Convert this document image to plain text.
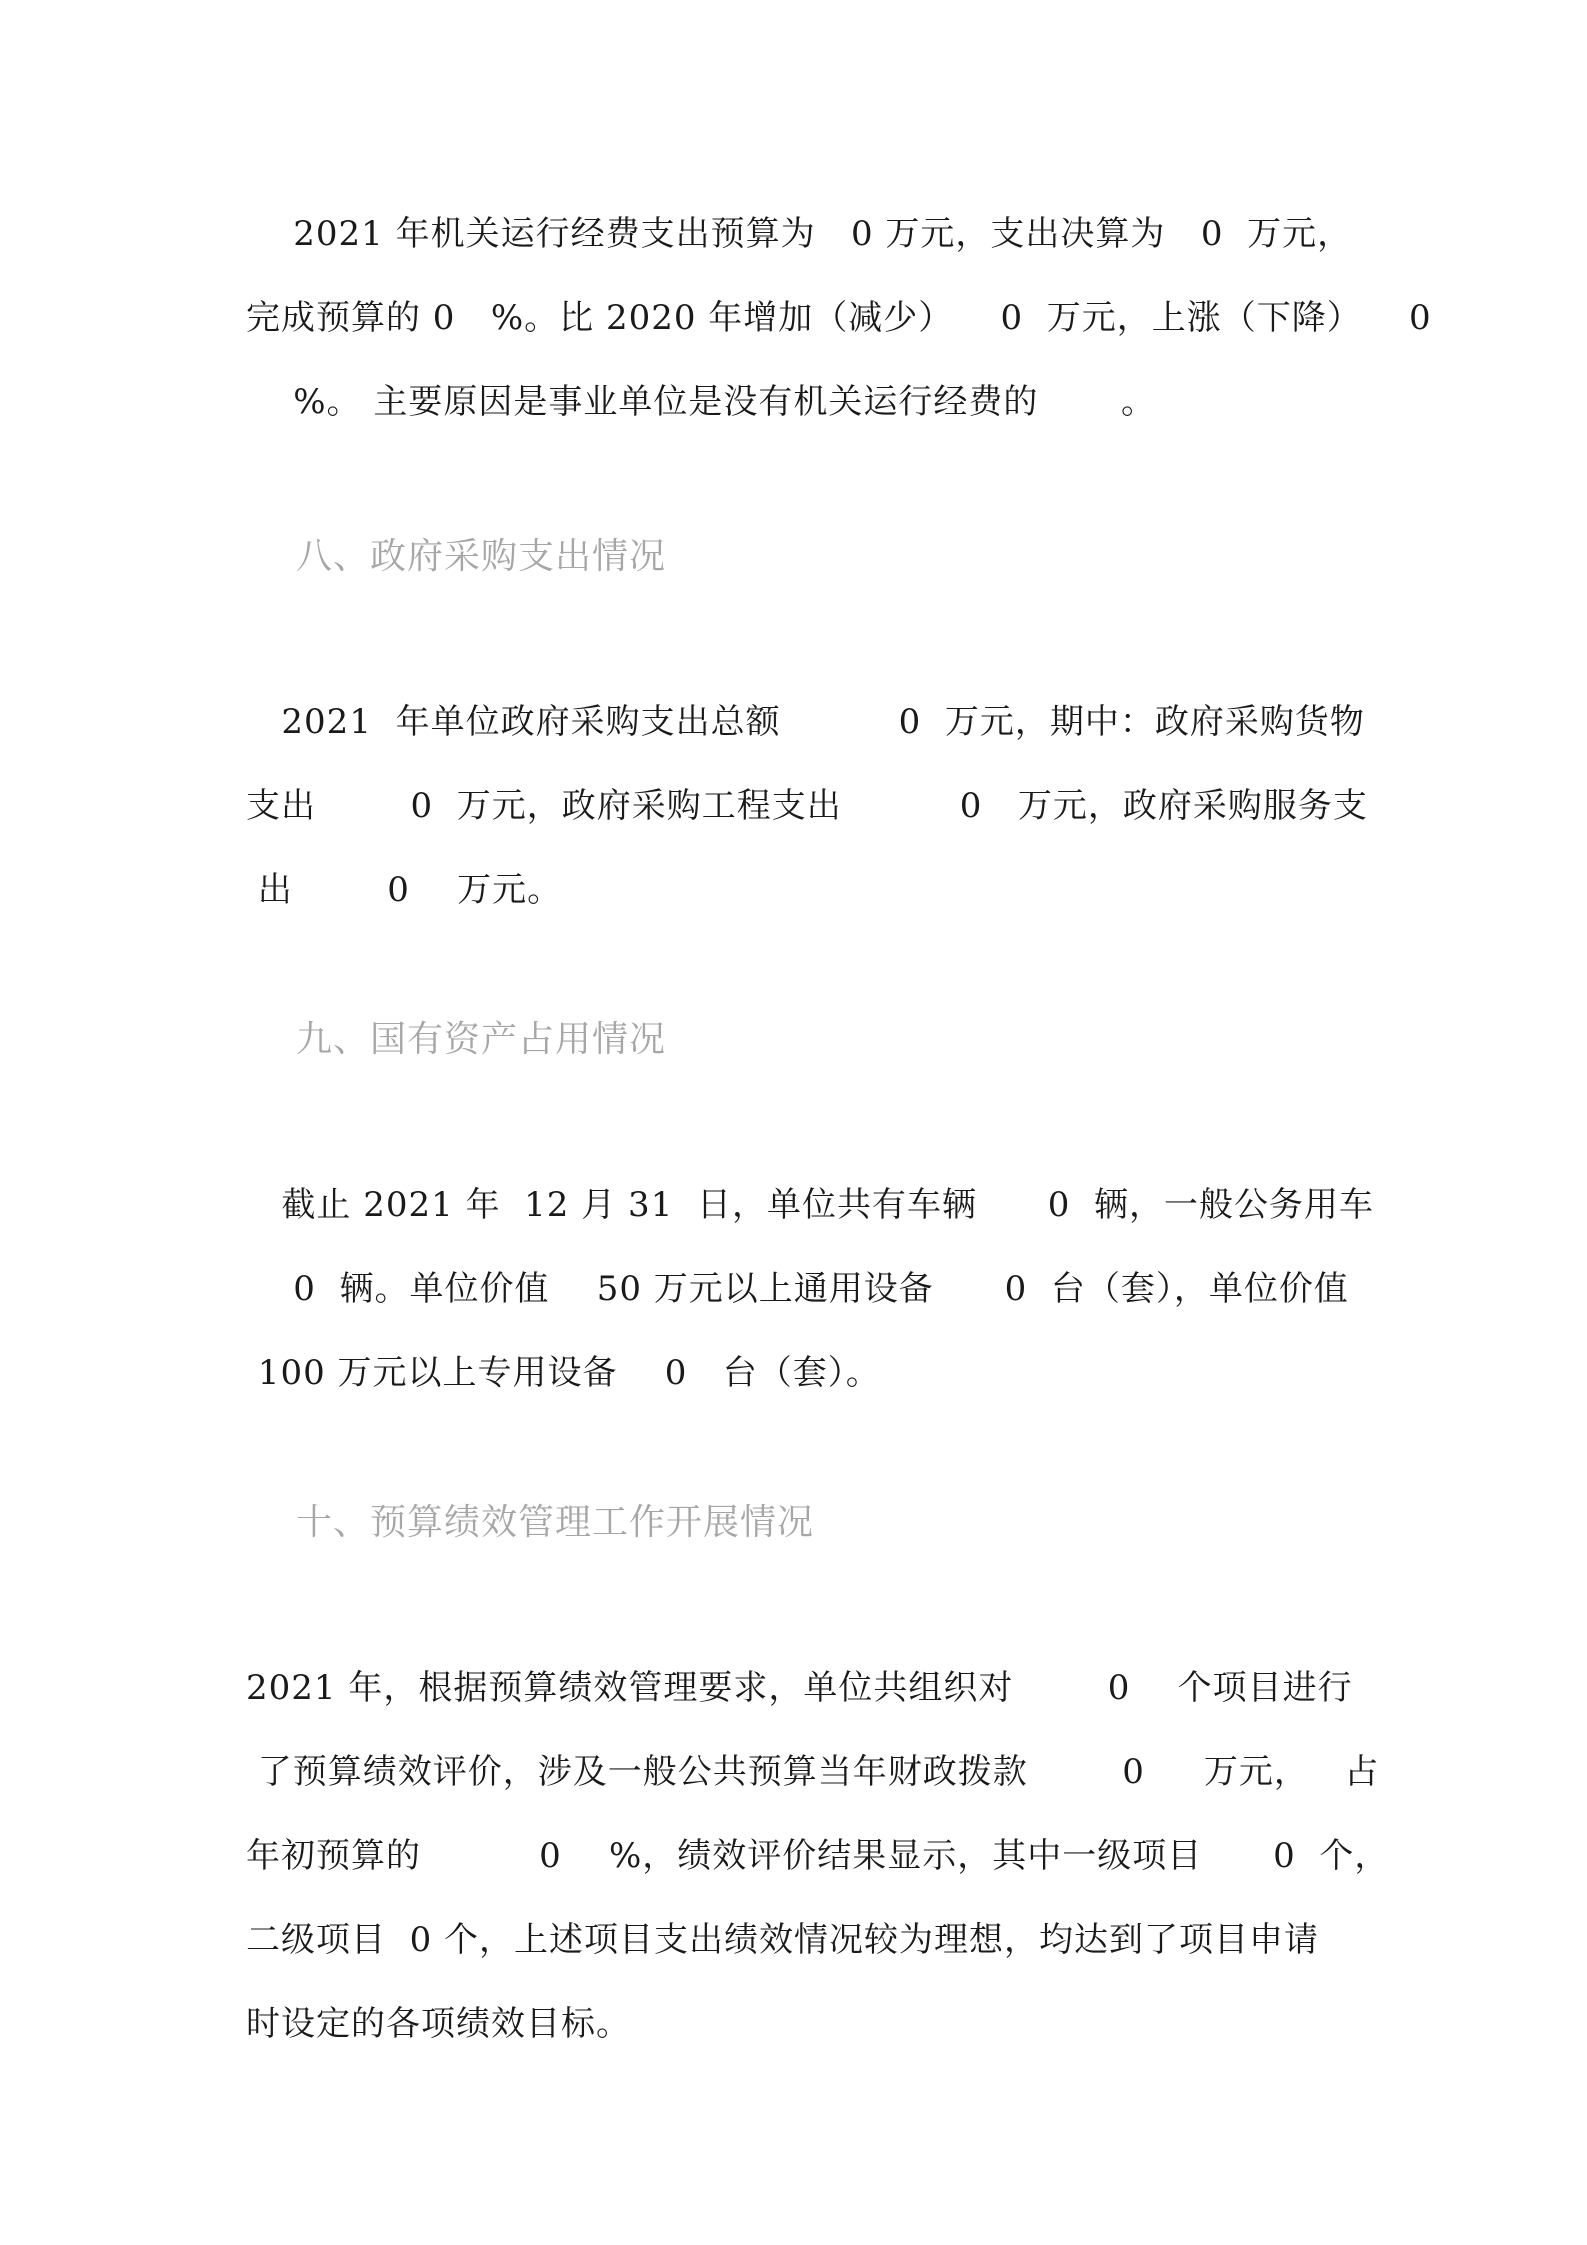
2021 年机关运行经费支出预算为   0 万元，支出决算为   0  万元，
完成预算的 0   %。比 2020 年增加（减少）    0  万元，上涨（下降）    0
%。 主要原因是事业单位是没有机关运行经费的       。
八、政府采购支出情况
2021  年单位政府采购支出总额          0  万元，期中：政府采购货物
支出        0  万元，政府采购工程支出          0   万元，政府采购服务支
出        0    万元。
九、国有资产占用情况
截止 2021 年  12 月 31  日，单位共有车辆      0  辆，一般公务用车
0  辆。单位价值    50 万元以上通用设备      0  台（套），单位价值
100 万元以上专用设备    0   台（套）。
十、预算绩效管理工作开展情况
2021 年，根据预算绩效管理要求，单位共组织对        0    个项目进行
了预算绩效评价，涉及一般公共预算当年财政拨款        0     万元，   占
年初预算的          0    %，绩效评价结果显示，其中一级项目      0  个，
二级项目  0 个，上述项目支出绩效情况较为理想，均达到了项目申请
时设定的各项绩效目标。
